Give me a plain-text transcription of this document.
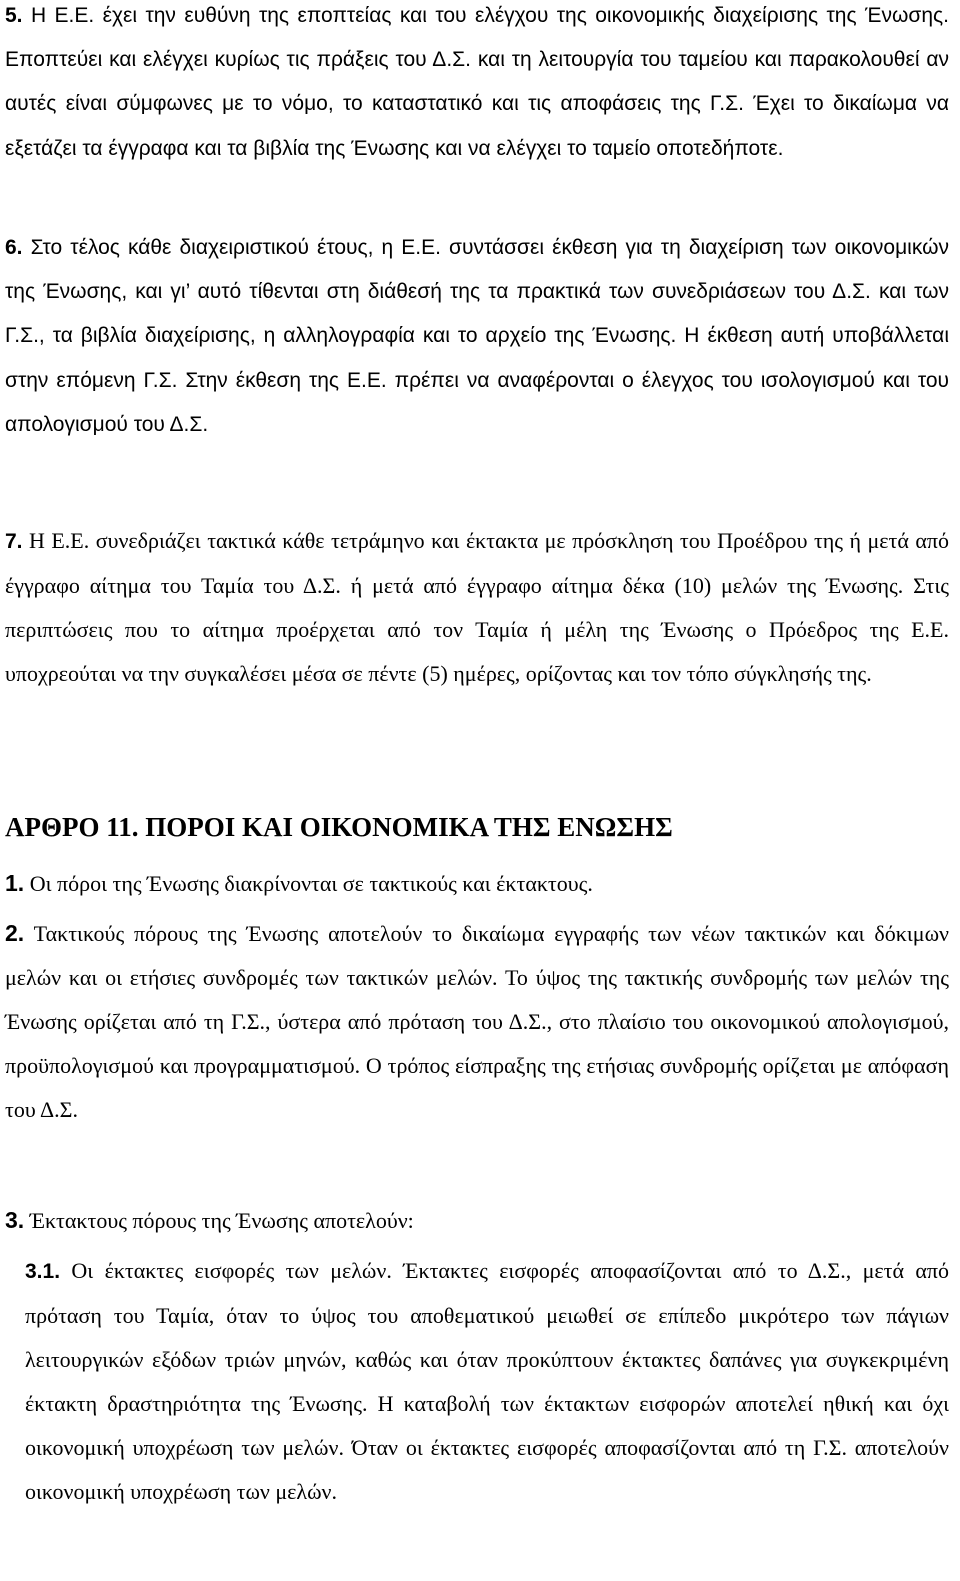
5. Η Ε.Ε. έχει την ευθύνη της εποπτείας και του ελέγχου της οικονομικής διαχείρισης της Ένωσης. Εποπτεύει και ελέγχει κυρίως τις πράξεις του Δ.Σ. και τη λειτουργία του ταμείου και παρακολουθεί αν αυτές είναι σύμφωνες με το νόμο, το καταστατικό και τις αποφάσεις της Γ.Σ. Έχει το δικαίωμα να εξετάζει τα έγγραφα και τα βιβλία της Ένωσης και να ελέγχει το ταμείο οποτεδήποτε.

6. Στο τέλος κάθε διαχειριστικού έτους, η Ε.Ε. συντάσσει έκθεση για τη διαχείριση των οικονομικών της Ένωσης, και γι’ αυτό τίθενται στη διάθεσή της τα πρακτικά των συνεδριάσεων του Δ.Σ. και των Γ.Σ., τα βιβλία διαχείρισης, η αλληλογραφία και το αρχείο της Ένωσης. Η έκθεση αυτή υποβάλλεται στην επόμενη Γ.Σ. Στην έκθεση της Ε.Ε. πρέπει να αναφέρονται ο έλεγχος του ισολογισμού και του απολογισμού του Δ.Σ.

7. Η Ε.Ε. συνεδριάζει τακτικά κάθε τετράμηνο και έκτακτα με πρόσκληση του Προέδρου της ή μετά από έγγραφο αίτημα του Ταμία του Δ.Σ. ή μετά από έγγραφο αίτημα δέκα (10) μελών της Ένωσης. Στις περιπτώσεις που το αίτημα προέρχεται από τον Ταμία ή μέλη της Ένωσης ο Πρόεδρος της Ε.Ε. υποχρεούται να την συγκαλέσει μέσα σε πέντε (5) ημέρες, ορίζοντας και τον τόπο σύγκλησής της.

ΑΡΘΡΟ 11. ΠΟΡΟΙ ΚΑΙ ΟΙΚΟΝΟΜΙΚΑ ΤΗΣ ΕΝΩΣΗΣ

1. Οι πόροι της Ένωσης διακρίνονται σε τακτικούς και έκτακτους.

2. Τακτικούς πόρους της Ένωσης αποτελούν το δικαίωμα εγγραφής των νέων τακτικών και δόκιμων μελών και οι ετήσιες συνδρομές των τακτικών μελών. Το ύψος της τακτικής συνδρομής των μελών της Ένωσης ορίζεται από τη Γ.Σ., ύστερα από πρόταση του Δ.Σ., στο πλαίσιο του οικονομικού απολογισμού, προϋπολογισμού και προγραμματισμού. Ο τρόπος είσπραξης της ετήσιας συνδρομής ορίζεται με απόφαση του Δ.Σ.

3. Έκτακτους πόρους της Ένωσης αποτελούν:

3.1. Οι έκτακτες εισφορές των μελών. Έκτακτες εισφορές αποφασίζονται από το Δ.Σ., μετά από πρόταση του Ταμία, όταν το ύψος του αποθεματικού μειωθεί σε επίπεδο μικρότερο των πάγιων λειτουργικών εξόδων τριών μηνών, καθώς και όταν προκύπτουν έκτακτες δαπάνες για συγκεκριμένη έκτακτη δραστηριότητα της Ένωσης. Η καταβολή των έκτακτων εισφορών αποτελεί ηθική και όχι οικονομική υποχρέωση των μελών. Όταν οι έκτακτες εισφορές αποφασίζονται από τη Γ.Σ. αποτελούν οικονομική υποχρέωση των μελών.
